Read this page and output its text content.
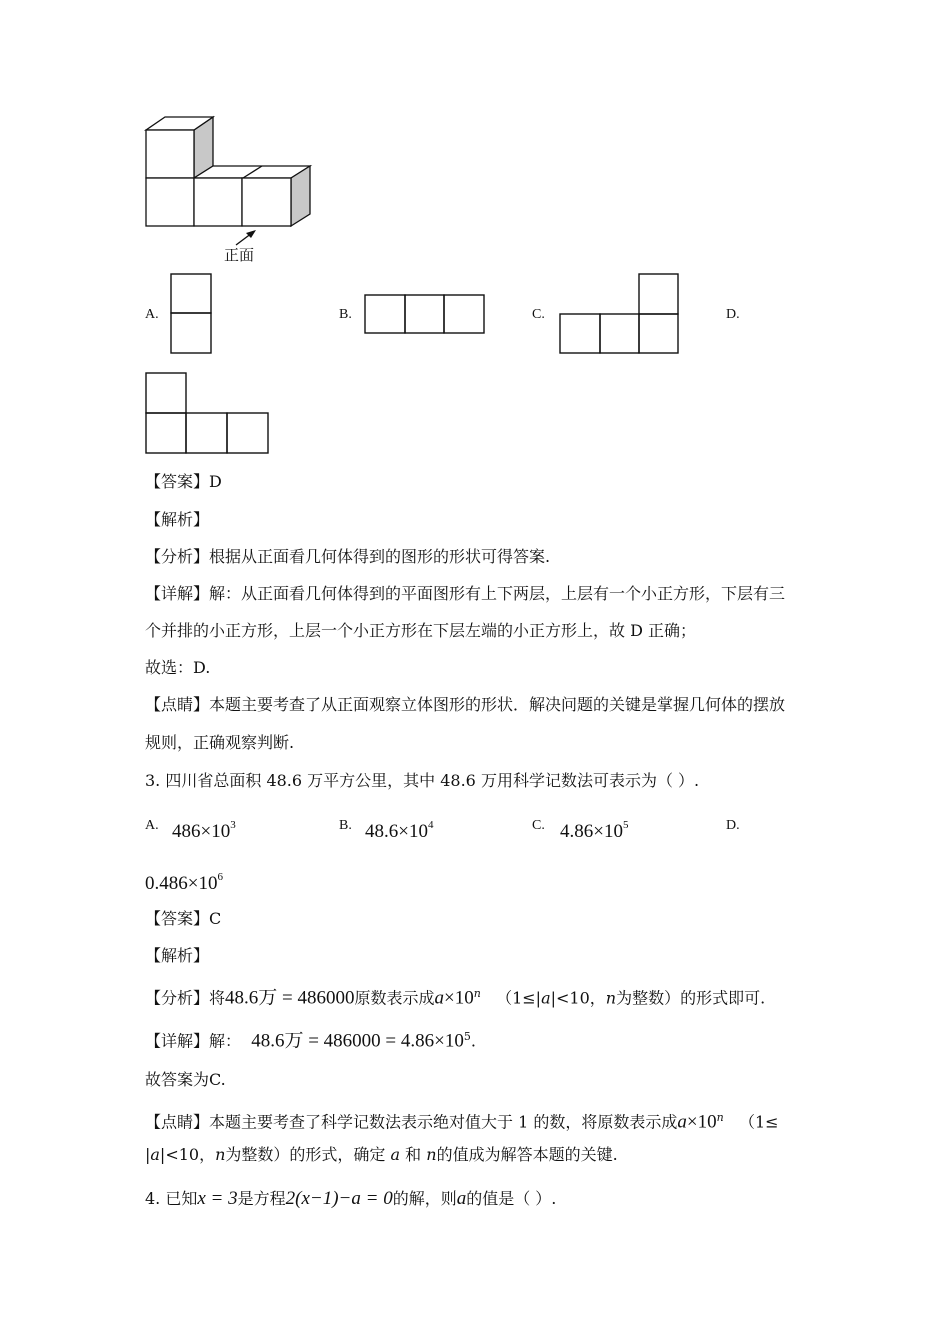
正面
A.	B.	C.	D.
【答案】D
【解析】
【分析】根据从正面看几何体得到的图形的形状可得答案.
【详解】解：从正面看几何体得到的平面图形有上下两层，上层有一个小正方形，下层有三
个并排的小正方形，上层一个小正方形在下层左端的小正方形上，故 D 正确；
故选：D.
【点睛】本题主要考查了从正面观察立体图形的形状．解决问题的关键是掌握几何体的摆放
规则，正确观察判断.
3. 四川省总面积 48.6 万平方公里，其中 48.6 万用科学记数法可表示为（ ）.
A. $486\times 10^3$	B. $48.6\times 10^4$	C. $4.86\times 10^5$	D.
$0.486\times 10^6$
【答案】C
【解析】
【分析】将48.6万 = 486000原数表示成$a\times 10^n$ （1≤|a|<10，n为整数）的形式即可.
【详解】解： 48.6万 = $486000 = 4.86\times 10^5$.
故答案为C.
【点睛】本题主要考查了科学记数法表示绝对值大于 1 的数，将原数表示成$a\times 10^n$ （1≤
|a|<10，n为整数）的形式，确定 a 和 n的值成为解答本题的关键.
4. 已知x = 3是方程2(x−1)−a = 0的解，则a的值是（ ）.
